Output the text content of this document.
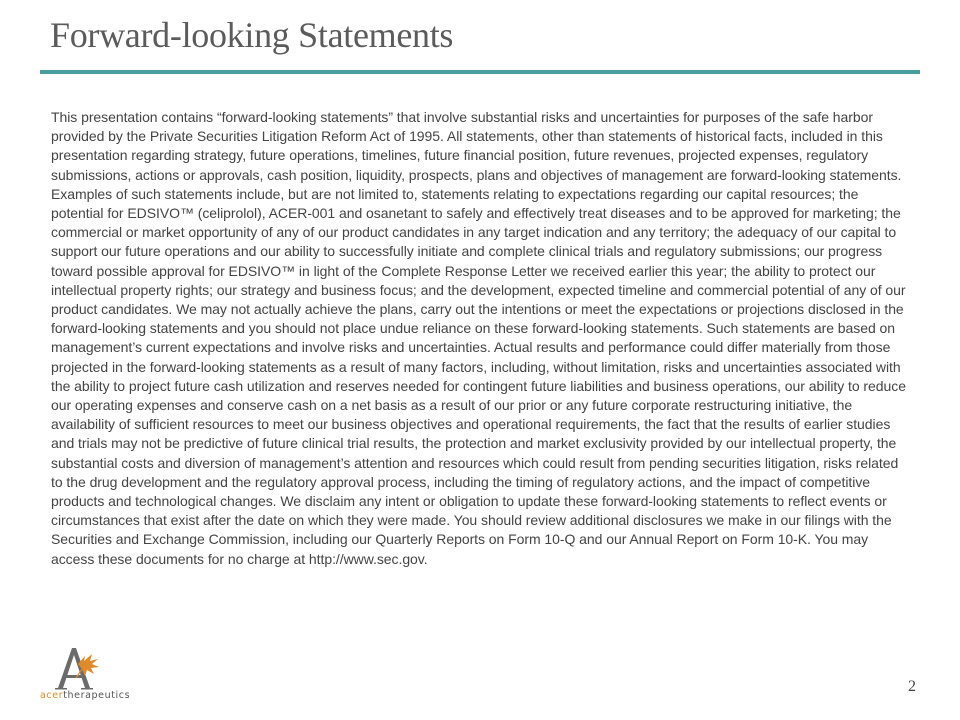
Forward-looking Statements

This presentation contains “forward-looking statements” that involve substantial risks and uncertainties for purposes of the safe harbor provided by the Private Securities Litigation Reform Act of 1995. All statements, other than statements of historical facts, included in this presentation regarding strategy, future operations, timelines, future financial position, future revenues, projected expenses, regulatory submissions, actions or approvals, cash position, liquidity, prospects, plans and objectives of management are forward-looking statements. Examples of such statements include, but are not limited to, statements relating to expectations regarding our capital resources; the potential for EDSIVO™ (celiprolol), ACER-001 and osanetant to safely and effectively treat diseases and to be approved for marketing; the commercial or market opportunity of any of our product candidates in any target indication and any territory; the adequacy of our capital to support our future operations and our ability to successfully initiate and complete clinical trials and regulatory submissions; our progress toward possible approval for EDSIVO™ in light of the Complete Response Letter we received earlier this year; the ability to protect our intellectual property rights; our strategy and business focus; and the development, expected timeline and commercial potential of any of our product candidates. We may not actually achieve the plans, carry out the intentions or meet the expectations or projections disclosed in the forward-looking statements and you should not place undue reliance on these forward-looking statements. Such statements are based on management’s current expectations and involve risks and uncertainties. Actual results and performance could differ materially from those projected in the forward-looking statements as a result of many factors, including, without limitation, risks and uncertainties associated with the ability to project future cash utilization and reserves needed for contingent future liabilities and business operations, our ability to reduce our operating expenses and conserve cash on a net basis as a result of our prior or any future corporate restructuring initiative, the availability of sufficient resources to meet our business objectives and operational requirements, the fact that the results of earlier studies and trials may not be predictive of future clinical trial results, the protection and market exclusivity provided by our intellectual property, the substantial costs and diversion of management’s attention and resources which could result from pending securities litigation, risks related to the drug development and the regulatory approval process, including the timing of regulatory actions, and the impact of competitive products and technological changes. We disclaim any intent or obligation to update these forward-looking statements to reflect events or circumstances that exist after the date on which they were made. You should review additional disclosures we make in our filings with the Securities and Exchange Commission, including our Quarterly Reports on Form 10-Q and our Annual Report on Form 10-K. You may access these documents for no charge at http://www.sec.gov.

acertherapeutics
2
